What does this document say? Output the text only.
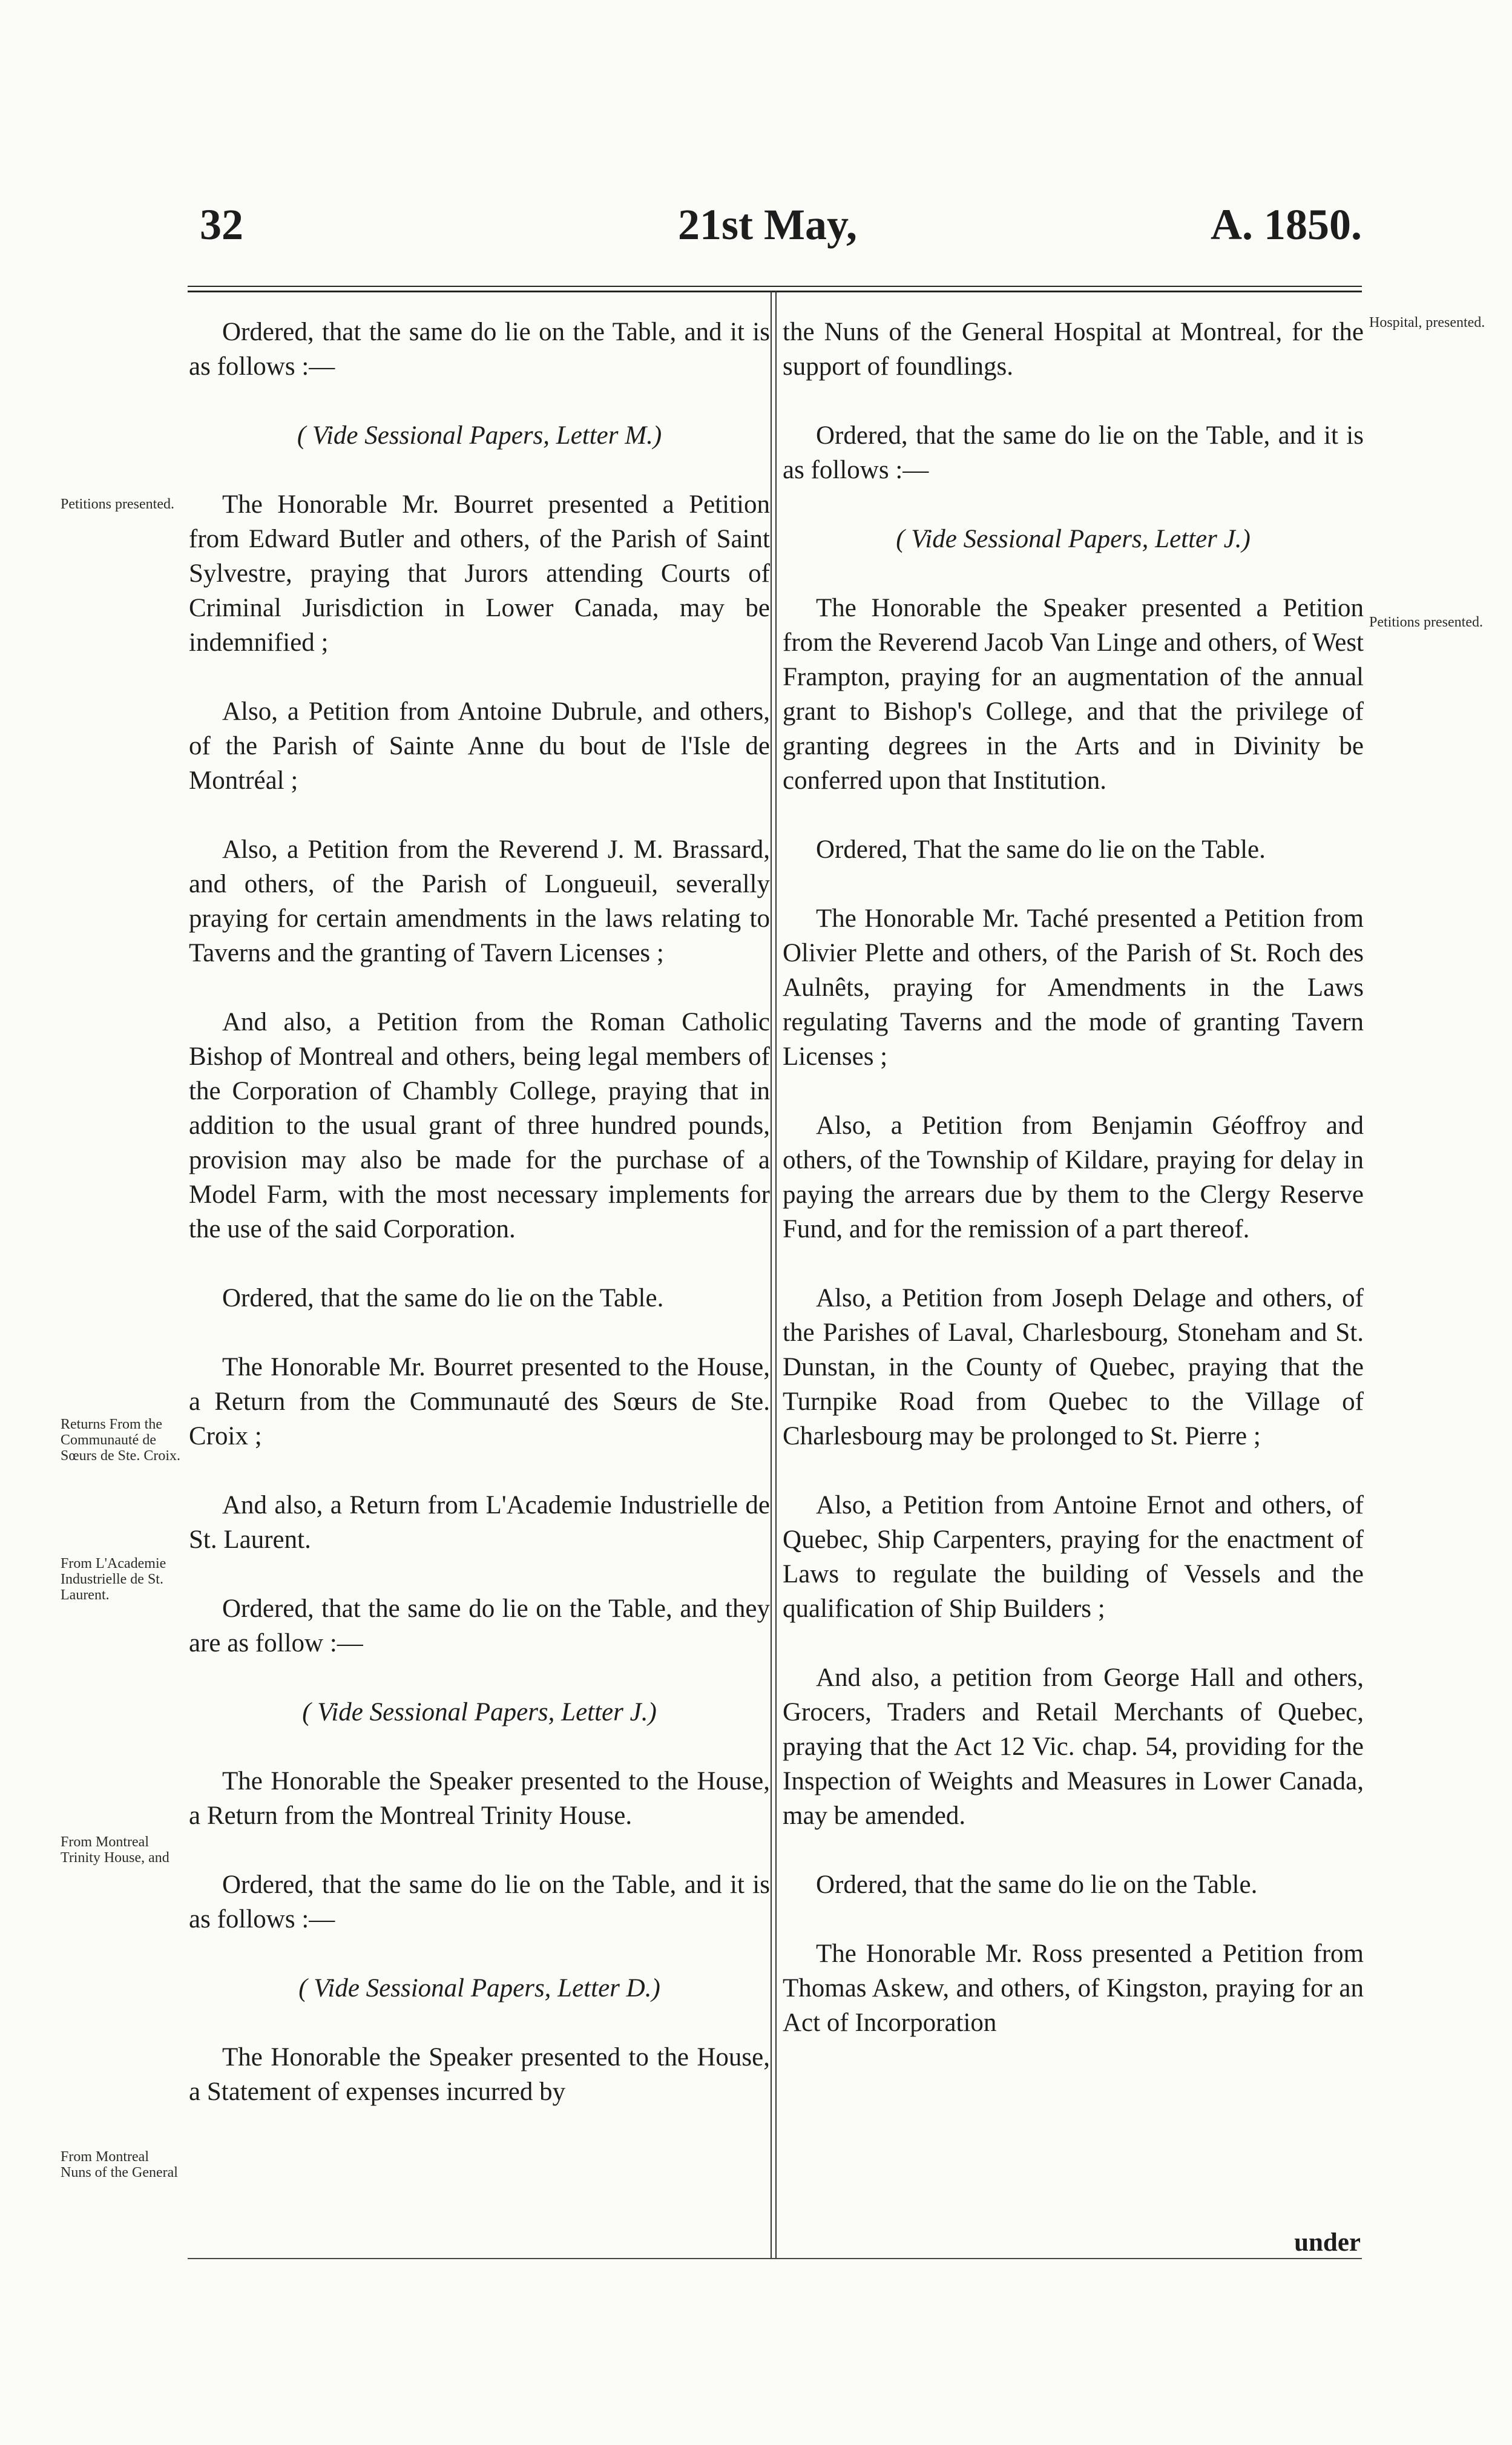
32	21st May,	A. 1850.

Ordered, that the same do lie on the Table, and it is as follows :—

( Vide Sessional Papers, Letter M.)

The Honorable Mr. Bourret presented a Petition from Edward Butler and others, of the Parish of Saint Sylvestre, praying that Jurors attending Courts of Criminal Jurisdiction in Lower Canada, may be indemnified ;

Also, a Petition from Antoine Dubrule, and others, of the Parish of Sainte Anne du bout de l'Isle de Montréal ;

Also, a Petition from the Reverend J. M. Brassard, and others, of the Parish of Longueuil, severally praying for certain amendments in the laws relating to Taverns and the granting of Tavern Licenses ;

And also, a Petition from the Roman Catholic Bishop of Montreal and others, being legal members of the Corporation of Chambly College, praying that in addition to the usual grant of three hundred pounds, provision may also be made for the purchase of a Model Farm, with the most necessary implements for the use of the said Corporation.

Ordered, that the same do lie on the Table.

The Honorable Mr. Bourret presented to the House, a Return from the Communauté des Sœurs de Ste. Croix ;

And also, a Return from L'Academie Industrielle de St. Laurent.

Ordered, that the same do lie on the Table, and they are as follow :—

( Vide Sessional Papers, Letter J.)

The Honorable the Speaker presented to the House, a Return from the Montreal Trinity House.

Ordered, that the same do lie on the Table, and it is as follows :—

( Vide Sessional Papers, Letter D.)

The Honorable the Speaker presented to the House, a Statement of expenses incurred by

the Nuns of the General Hospital at Montreal, for the support of foundlings.

Ordered, that the same do lie on the Table, and it is as follows :—

( Vide Sessional Papers, Letter J.)

The Honorable the Speaker presented a Petition from the Reverend Jacob Van Linge and others, of West Frampton, praying for an augmentation of the annual grant to Bishop's College, and that the privilege of granting degrees in the Arts and in Divinity be conferred upon that Institution.

Ordered, That the same do lie on the Table.

The Honorable Mr. Taché presented a Petition from Olivier Plette and others, of the Parish of St. Roch des Aulnêts, praying for Amendments in the Laws regulating Taverns and the mode of granting Tavern Licenses ;

Also, a Petition from Benjamin Géoffroy and others, of the Township of Kildare, praying for delay in paying the arrears due by them to the Clergy Reserve Fund, and for the remission of a part thereof.

Also, a Petition from Joseph Delage and others, of the Parishes of Laval, Charlesbourg, Stoneham and St. Dunstan, in the County of Quebec, praying that the Turnpike Road from Quebec to the Village of Charlesbourg may be prolonged to St. Pierre ;

Also, a Petition from Antoine Ernot and others, of Quebec, Ship Carpenters, praying for the enactment of Laws to regulate the building of Vessels and the qualification of Ship Builders ;

And also, a petition from George Hall and others, Grocers, Traders and Retail Merchants of Quebec, praying that the Act 12 Vic. chap. 54, providing for the Inspection of Weights and Measures in Lower Canada, may be amended.

Ordered, that the same do lie on the Table.

The Honorable Mr. Ross presented a Petition from Thomas Askew, and others, of Kingston, praying for an Act of Incorporation

Petitions presented.
Returns From the Communauté de Sœurs de Ste. Croix.
From L'Academie Industrielle de St. Laurent.
From Montreal Trinity House, and
From Montreal Nuns of the General
Hospital, presented.
Petitions presented.
under
